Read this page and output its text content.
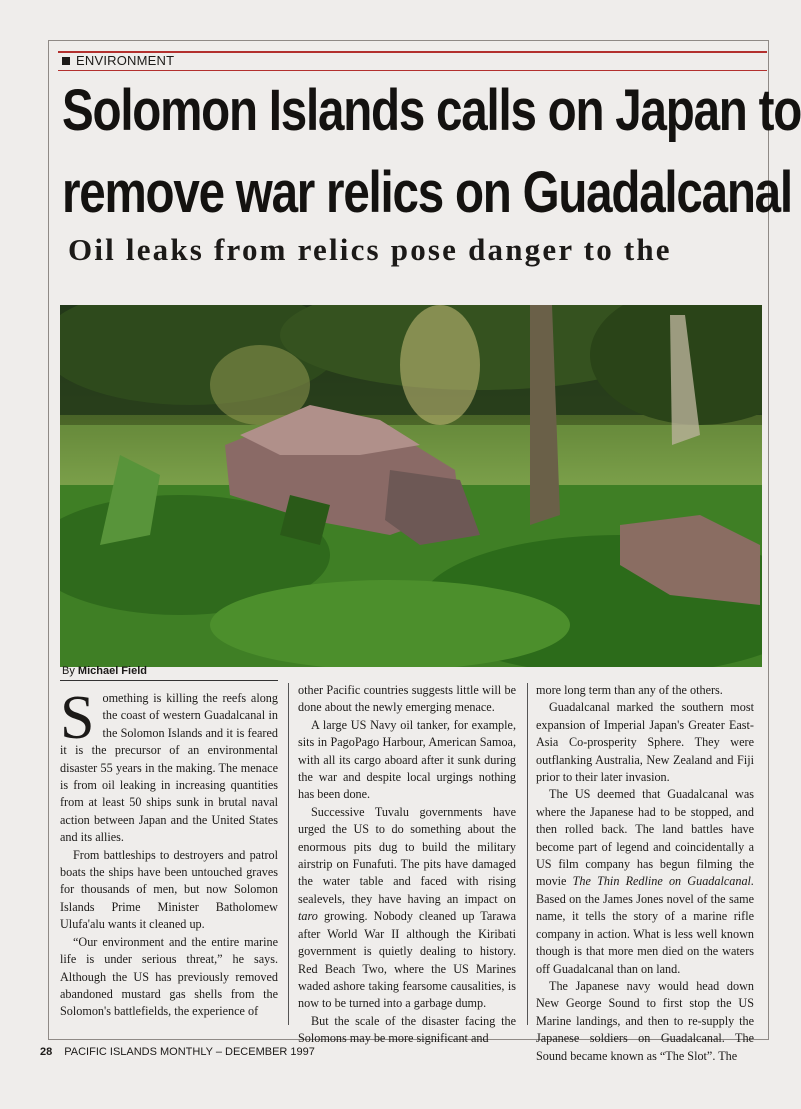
ENVIRONMENT
Solomon Islands calls on Japan to
remove war relics on Guadalcanal
Oil leaks from relics pose danger to the
By Michael Field

Something is killing the reefs along the coast of western Guadalcanal in the Solomon Islands and it is feared it is the precursor of an environmental disaster 55 years in the making. The menace is from oil leaking in increasing quantities from at least 50 ships sunk in brutal naval action between Japan and the United States and its allies.

From battleships to destroyers and patrol boats the ships have been untouched graves for thousands of men, but now Solomon Islands Prime Minister Batholomew Ulufa'alu wants it cleaned up.

“Our environment and the entire marine life is under serious threat,” he says. Although the US has previously removed abandoned mustard gas shells from the Solomon's battlefields, the experience of

other Pacific countries suggests little will be done about the newly emerging menace.

A large US Navy oil tanker, for example, sits in PagoPago Harbour, American Samoa, with all its cargo aboard after it sunk during the war and despite local urgings nothing has been done.

Successive Tuvalu governments have urged the US to do something about the enormous pits dug to build the military airstrip on Funafuti. The pits have damaged the water table and faced with rising sealevels, they have having an impact on taro growing. Nobody cleaned up Tarawa after World War II although the Kiribati government is quietly dealing to history. Red Beach Two, where the US Marines waded ashore taking fearsome causalities, is now to be turned into a garbage dump.

But the scale of the disaster facing the Solomons may be more significant and

more long term than any of the others.

Guadalcanal marked the southern most expansion of Imperial Japan's Greater East-Asia Co-prosperity Sphere. They were outflanking Australia, New Zealand and Fiji prior to their later invasion.

The US deemed that Guadalcanal was where the Japanese had to be stopped, and then rolled back. The land battles have become part of legend and coincidentally a US film company has begun filming the movie The Thin Redline on Guadalcanal. Based on the James Jones novel of the same name, it tells the story of a marine rifle company in action. What is less well known though is that more men died on the waters off Guadalcanal than on land.

The Japanese navy would head down New George Sound to first stop the US Marine landings, and then to re-supply the Japanese soldiers on Guadalcanal. The Sound became known as “The Slot”. The

28 PACIFIC ISLANDS MONTHLY – DECEMBER 1997
